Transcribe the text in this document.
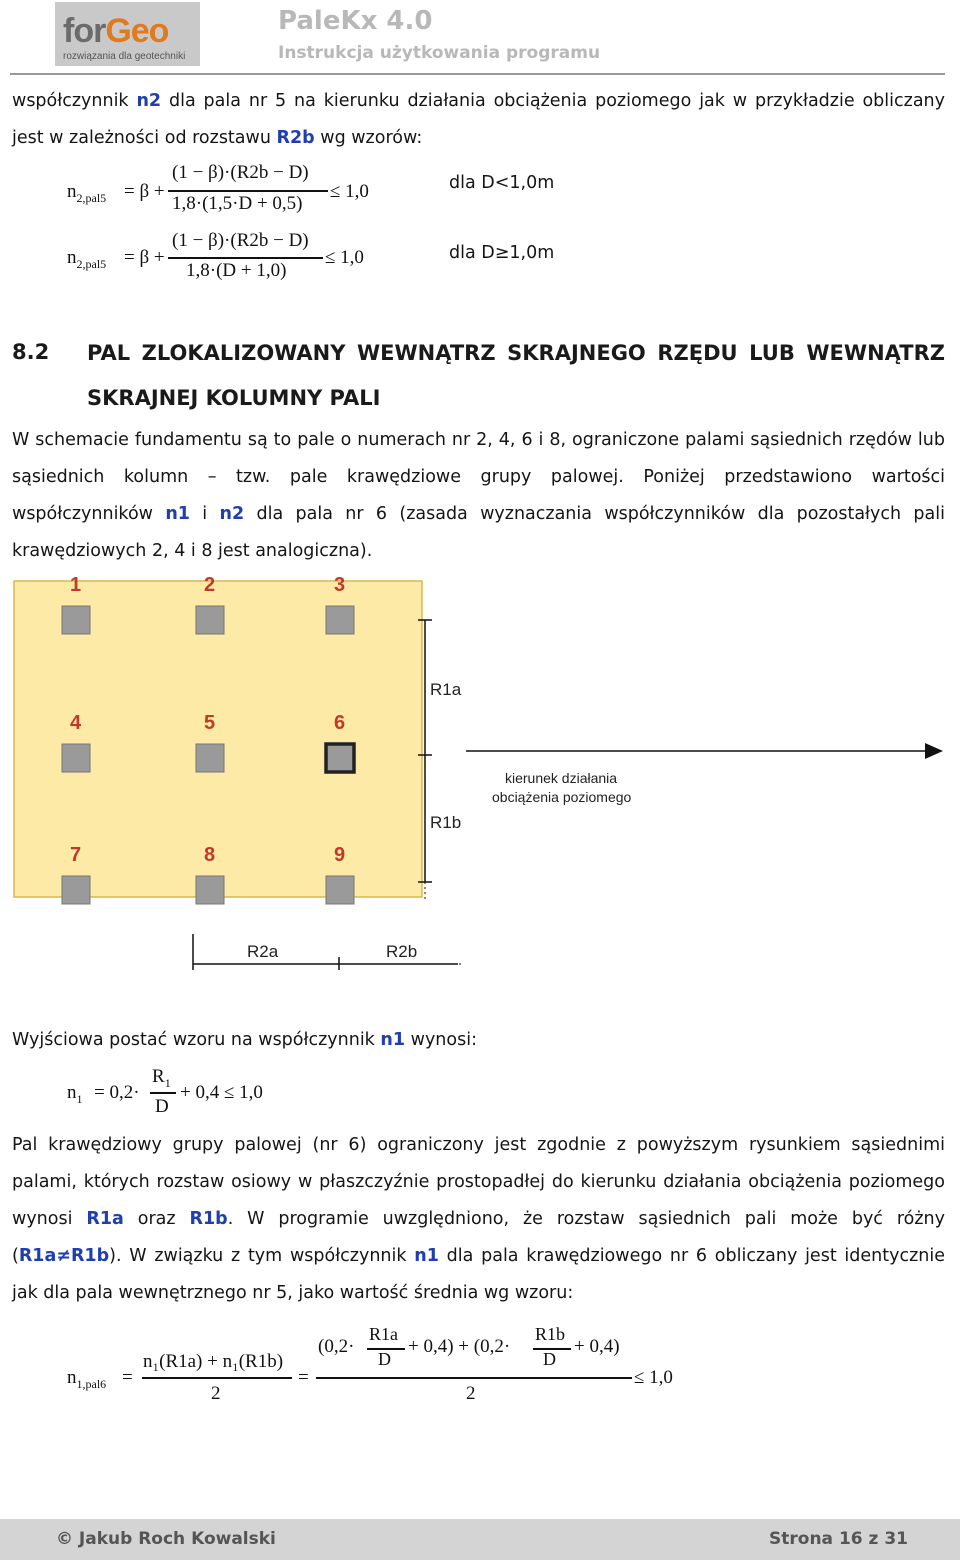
forGeo
rozwiązania dla geotechniki
PaleKx 4.0
Instrukcja użytkowania programu
współczynnik n2 dla pala nr 5 na kierunku działania obciążenia poziomego jak w przykładzie obliczany jest w zależności od rozstawu R2b wg wzorów:
$n_{2,pal5} = \beta$ +
(1 − β)·(R2b − D)
1,8·(1,5·D + 0,5)
≤ 1,0	dla D<1,0m
$n_{2,pal5} = \beta$ +
(1 − β)·(R2b − D)
1,8·(D + 1,0)
≤ 1,0	dla D≥1,0m
8.2 PAL ZLOKALIZOWANY WEWNĄTRZ SKRAJNEGO RZĘDU LUB WEWNĄTRZ SKRAJNEJ KOLUMNY PALI
W schemacie fundamentu są to pale o numerach nr 2, 4, 6 i 8, ograniczone palami sąsiednich rzędów lub sąsiednich kolumn – tzw. pale krawędziowe grupy palowej. Poniżej przedstawiono wartości współczynników n1 i n2 dla pala nr 6 (zasada wyznaczania współczynników dla pozostałych pali krawędziowych 2, 4 i 8 jest analogiczna).
1	2	3
4	5	6
7	8	9
R1a
R1b
R2a	R2b
kierunek działania
obciążenia poziomego
Wyjściowa postać wzoru na współczynnik n1 wynosi:
$n_1 = 0,2\cdot$
$R_1$
D
+ 0,4 ≤ 1,0
Pal krawędziowy grupy palowej (nr 6) ograniczony jest zgodnie z powyższym rysunkiem sąsiednimi palami, których rozstaw osiowy w płaszczyźnie prostopadłej do kierunku działania obciążenia poziomego wynosi R1a oraz R1b. W programie uwzględniono, że rozstaw sąsiednich pali może być różny (R1a≠R1b). W związku z tym współczynnik n1 dla pala krawędziowego nr 6 obliczany jest identycznie jak dla pala wewnętrznego nr 5, jako wartość średnia wg wzoru:
$n_{1,pal6}$ =
n₁(R1a) + n₁(R1b)
2
=
(0,2·
R1a
D
+ 0,4) + (0,2·
R1b
D
+ 0,4)
2
≤ 1,0
© Jakub Roch Kowalski	Strona 16 z 31
